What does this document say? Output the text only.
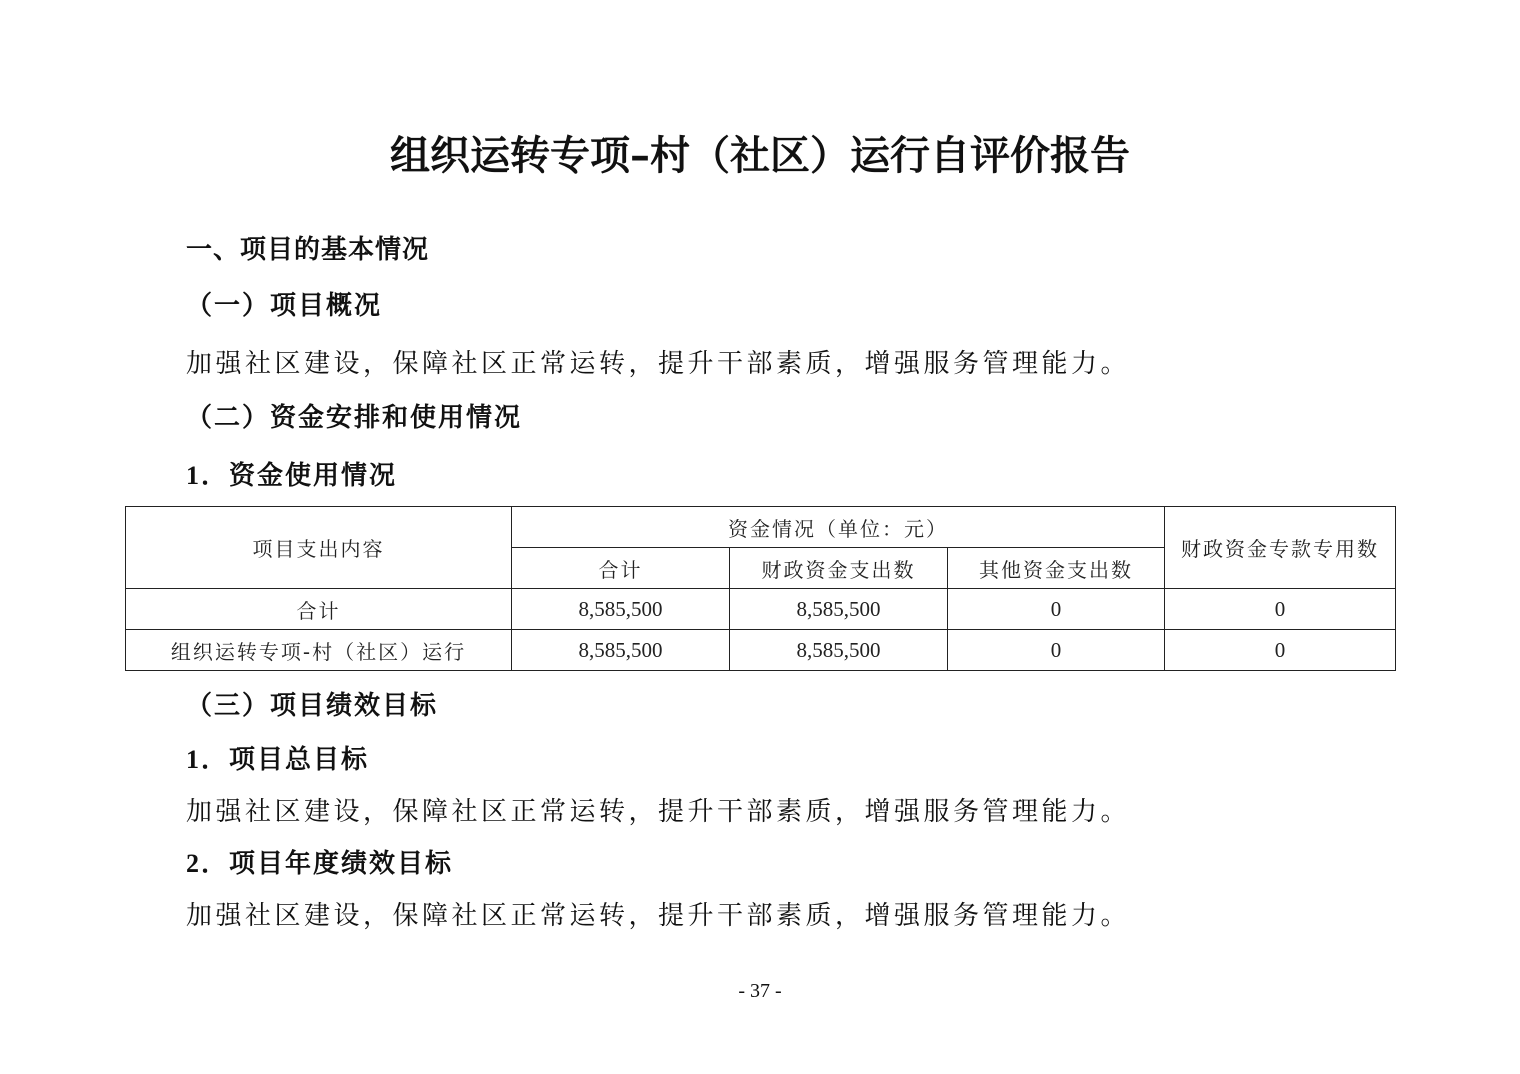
组织运转专项–村（社区）运行自评价报告
一、项目的基本情况
（一）项目概况
加强社区建设，保障社区正常运转，提升干部素质，增强服务管理能力。
（二）资金安排和使用情况
1．资金使用情况
项目支出内容	资金情况（单位：元）			财政资金专款专用数
	合计	财政资金支出数	其他资金支出数	
合计	8,585,500	8,585,500	0	0
组织运转专项-村（社区）运行	8,585,500	8,585,500	0	0
（三）项目绩效目标
1．项目总目标
加强社区建设，保障社区正常运转，提升干部素质，增强服务管理能力。
2．项目年度绩效目标
加强社区建设，保障社区正常运转，提升干部素质，增强服务管理能力。
- 37 -
